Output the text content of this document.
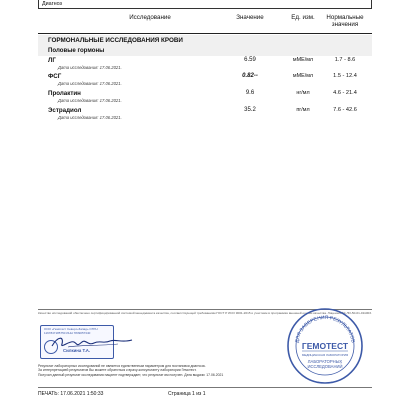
Диагноз
Исследование	Значение	Ед. изм.	Нормальные
значения
ГОРМОНАЛЬНЫЕ ИССЛЕДОВАНИЯ КРОВИ
Половые гормоны
ЛГ
Дата исследования: 17.06.2021.
6.59	мМЕ/мл	1.7 - 8.6
ФСГ
Дата исследования: 17.06.2021.
0.82--	мМЕ/мл	1.5 - 12.4
Пролактин
Дата исследования: 17.06.2021.
9.6	нг/мл	4.6 - 21.4
Эстрадиол
Дата исследования: 17.06.2021.
35.2	пг/мл	7.6 - 42.6
Качество исследований обеспечено сертифицированной системой менеджмента качества, соответствующей требованиям ГОСТ Р ИСО 9001-2015 и участием в программах внешней оценки качества. Лицензия № ЛО-50-01-011003.
ООО «Гемотест Северо-Запад» ОГРН 1167847185750 ИНН 7839057340
Силкина Т.А.
ДЛЯ ЗАВЕРЕНИЯ РЕЗУЛЬТАТОВ
ГЕМОТЕСТ
МЕДИЦИНСКАЯ ЛАБОРАТОРИЯ
ЛАБОРАТОРНЫХ
ИССЛЕДОВАНИЙ
Результат лабораторных исследований не является единственным параметром для постановки диагноза.
За интерпретацией результатов Вы можете обратиться к врачу-консультанту лаборатории Гемотест.
Получил данный результат исследования пациент подтверждает, что результат им получен. Дата выдачи: 17.06.2021
ПЕЧАТЬ: 17.06.2021 1:50:33	Страница 1 из 1
